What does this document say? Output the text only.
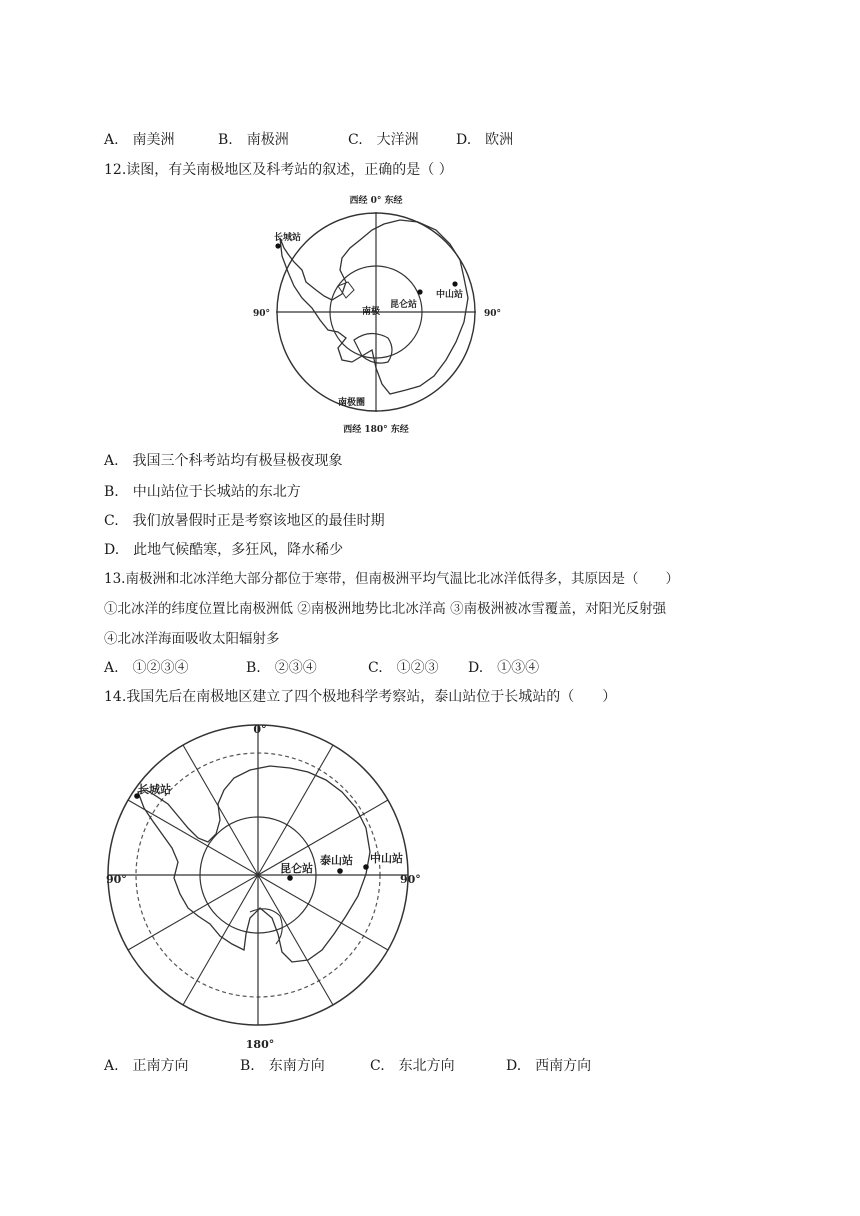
A.　南美洲	B.　南极洲	C.　大洋洲	D.　欧洲
12.读图，有关南极地区及科考站的叙述，正确的是（ ）
西经 0° 东经
西经 180° 东经
90°	90°
南极
南极圈
长城站
昆仑站
中山站
A.　我国三个科考站均有极昼极夜现象
B.　中山站位于长城站的东北方
C.　我们放暑假时正是考察该地区的最佳时期
D.　此地气候酷寒，多狂风，降水稀少
13.南极洲和北冰洋绝大部分都位于寒带，但南极洲平均气温比北冰洋低得多，其原因是（　　）
①北冰洋的纬度位置比南极洲低 ②南极洲地势比北冰洋高 ③南极洲被冰雪覆盖，对阳光反射强
④北冰洋海面吸收太阳辐射多
A.　①②③④	B.　②③④	C.　①②③ D.　①③④
14.我国先后在南极地区建立了四个极地科学考察站，泰山站位于长城站的（　　）
0°
180°
90°	90°
长城站
昆仑站
泰山站 中山站
A.　正南方向	B.　东南方向	C.　东北方向	D.　西南方向
